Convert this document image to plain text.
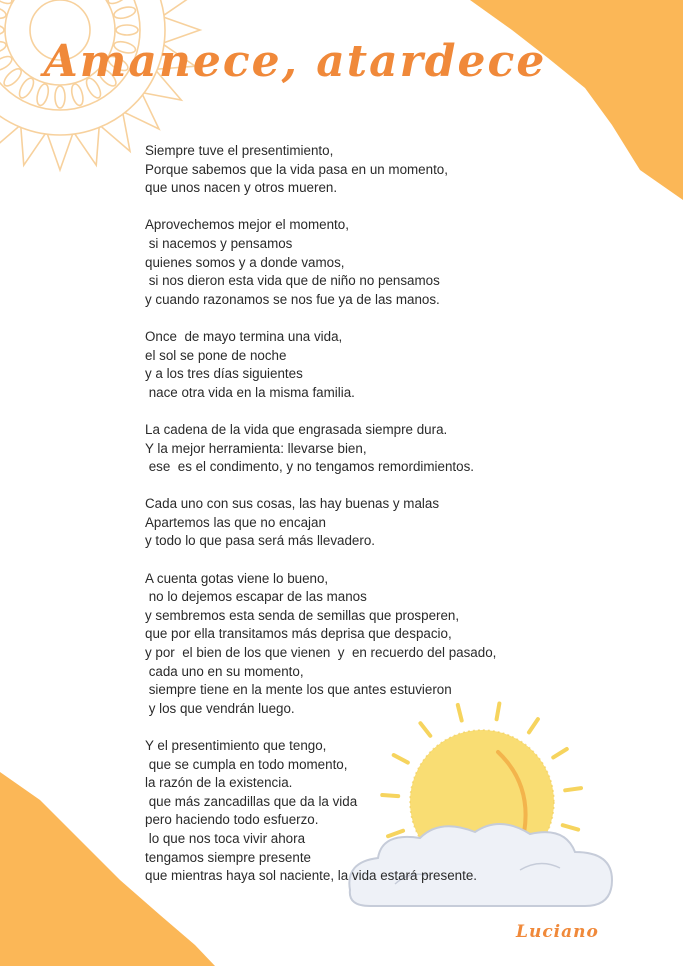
Amanece, atardece
Siempre tuve el presentimiento,
Porque sabemos que la vida pasa en un momento,
que unos nacen y otros mueren.
Aprovechemos mejor el momento,
si nacemos y pensamos
quienes somos y a donde vamos,
si nos dieron esta vida que de niño no pensamos
y cuando razonamos se nos fue ya de las manos.
Once  de mayo termina una vida,
el sol se pone de noche
y a los tres días siguientes
nace otra vida en la misma familia.
La cadena de la vida que engrasada siempre dura.
Y la mejor herramienta: llevarse bien,
ese  es el condimento, y no tengamos remordimientos.
Cada uno con sus cosas, las hay buenas y malas
Apartemos las que no encajan
y todo lo que pasa será más llevadero.
A cuenta gotas viene lo bueno,
no lo dejemos escapar de las manos
y sembremos esta senda de semillas que prosperen,
que por ella transitamos más deprisa que despacio,
y por  el bien de los que vienen  y  en recuerdo del pasado,
cada uno en su momento,
siempre tiene en la mente los que antes estuvieron
y los que vendrán luego.
Y el presentimiento que tengo,
que se cumpla en todo momento,
la razón de la existencia.
que más zancadillas que da la vida
pero haciendo todo esfuerzo.
lo que nos toca vivir ahora
tengamos siempre presente
que mientras haya sol naciente, la vida estará presente.
Luciano
